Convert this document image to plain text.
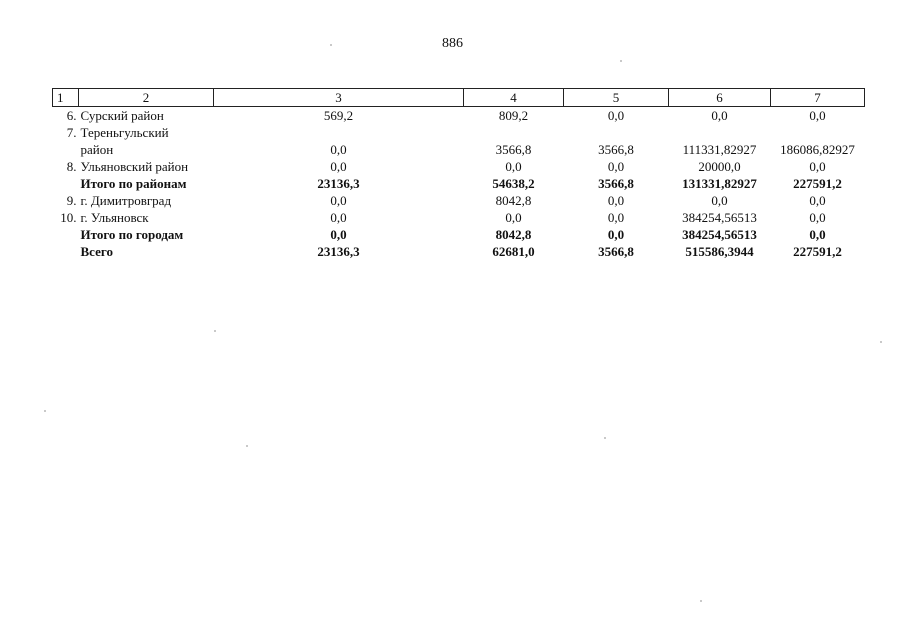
886
1	2	3	4	5	6	7
6.	Сурский район	569,2	809,2	0,0	0,0	0,0
7.	Тереньгульский					
	район	0,0	3566,8	3566,8	111331,82927	186086,82927
8.	Ульяновский район	0,0	0,0	0,0	20000,0	0,0
	Итого по районам	23136,3	54638,2	3566,8	131331,82927	227591,2
9.	г. Димитровград	0,0	8042,8	0,0	0,0	0,0
10.	г. Ульяновск	0,0	0,0	0,0	384254,56513	0,0
	Итого по городам	0,0	8042,8	0,0	384254,56513	0,0
	Всего	23136,3	62681,0	3566,8	515586,3944	227591,2
